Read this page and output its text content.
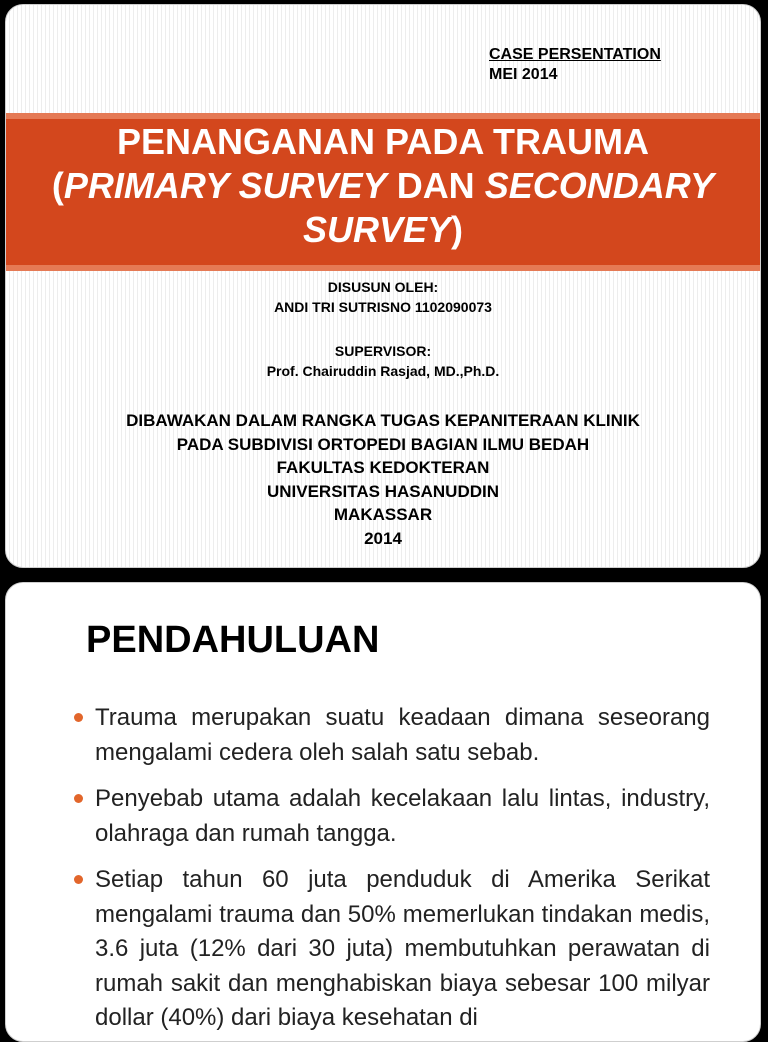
CASE PERSENTATION
MEI 2014

PENANGANAN PADA TRAUMA
(PRIMARY SURVEY DAN SECONDARY
SURVEY)
DISUSUN OLEH:
ANDI TRI SUTRISNO 1102090073
SUPERVISOR:
Prof. Chairuddin Rasjad, MD.,Ph.D.
DIBAWAKAN DALAM RANGKA TUGAS KEPANITERAAN KLINIK
PADA SUBDIVISI ORTOPEDI BAGIAN ILMU BEDAH
FAKULTAS KEDOKTERAN
UNIVERSITAS HASANUDDIN
MAKASSAR
2014
PENDAHULUAN
Trauma merupakan suatu keadaan dimana seseorang mengalami cedera oleh salah satu sebab.
Penyebab utama adalah kecelakaan lalu lintas, industry, olahraga dan rumah tangga.
Setiap tahun 60 juta penduduk di Amerika Serikat mengalami trauma dan 50% memerlukan tindakan medis, 3.6 juta (12% dari 30 juta) membutuhkan perawatan di rumah sakit dan menghabiskan biaya sebesar 100 milyar dollar (40%) dari biaya kesehatan di
